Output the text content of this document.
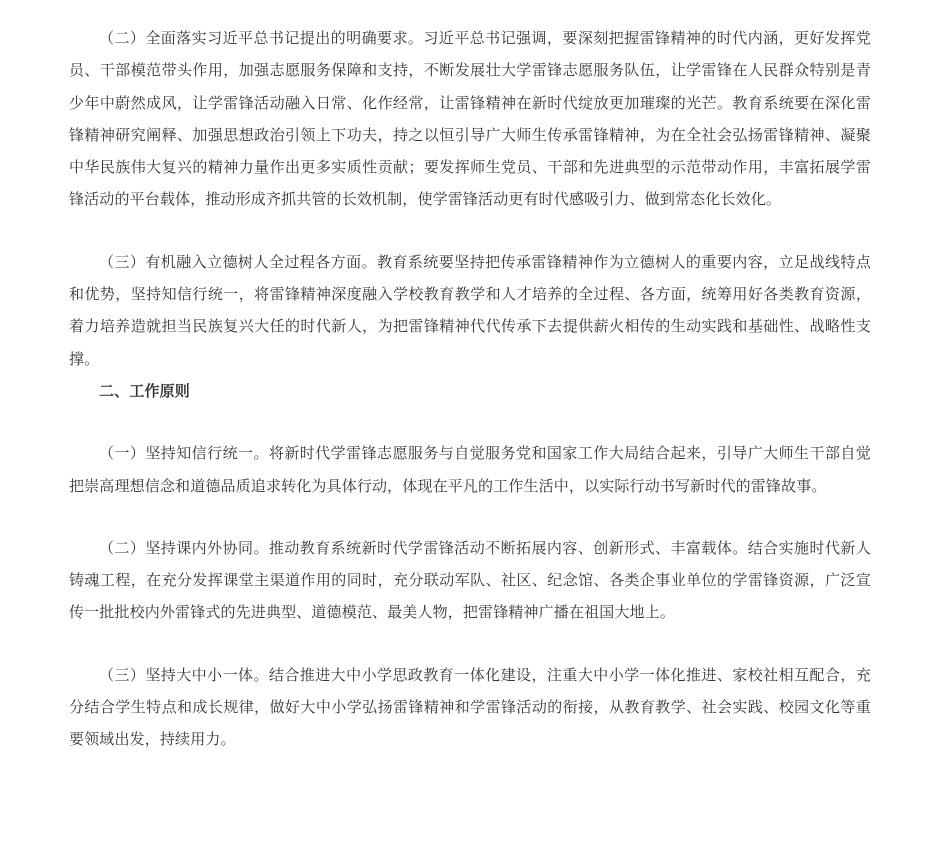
（二）全面落实习近平总书记提出的明确要求。习近平总书记强调，要深刻把握雷锋精神的时代内涵，更好发挥党员、干部模范带头作用，加强志愿服务保障和支持，不断发展壮大学雷锋志愿服务队伍，让学雷锋在人民群众特别是青少年中蔚然成风，让学雷锋活动融入日常、化作经常，让雷锋精神在新时代绽放更加璀璨的光芒。教育系统要在深化雷锋精神研究阐释、加强思想政治引领上下功夫，持之以恒引导广大师生传承雷锋精神，为在全社会弘扬雷锋精神、凝聚中华民族伟大复兴的精神力量作出更多实质性贡献；要发挥师生党员、干部和先进典型的示范带动作用，丰富拓展学雷锋活动的平台载体，推动形成齐抓共管的长效机制，使学雷锋活动更有时代感吸引力、做到常态化长效化。

（三）有机融入立德树人全过程各方面。教育系统要坚持把传承雷锋精神作为立德树人的重要内容，立足战线特点和优势，坚持知信行统一，将雷锋精神深度融入学校教育教学和人才培养的全过程、各方面，统筹用好各类教育资源，着力培养造就担当民族复兴大任的时代新人，为把雷锋精神代代传承下去提供薪火相传的生动实践和基础性、战略性支撑。

二、工作原则

（一）坚持知信行统一。将新时代学雷锋志愿服务与自觉服务党和国家工作大局结合起来，引导广大师生干部自觉把崇高理想信念和道德品质追求转化为具体行动，体现在平凡的工作生活中，以实际行动书写新时代的雷锋故事。

（二）坚持课内外协同。推动教育系统新时代学雷锋活动不断拓展内容、创新形式、丰富载体。结合实施时代新人铸魂工程，在充分发挥课堂主渠道作用的同时，充分联动军队、社区、纪念馆、各类企事业单位的学雷锋资源，广泛宣传一批批校内外雷锋式的先进典型、道德模范、最美人物，把雷锋精神广播在祖国大地上。

（三）坚持大中小一体。结合推进大中小学思政教育一体化建设，注重大中小学一体化推进、家校社相互配合，充分结合学生特点和成长规律，做好大中小学弘扬雷锋精神和学雷锋活动的衔接，从教育教学、社会实践、校园文化等重要领域出发，持续用力。
